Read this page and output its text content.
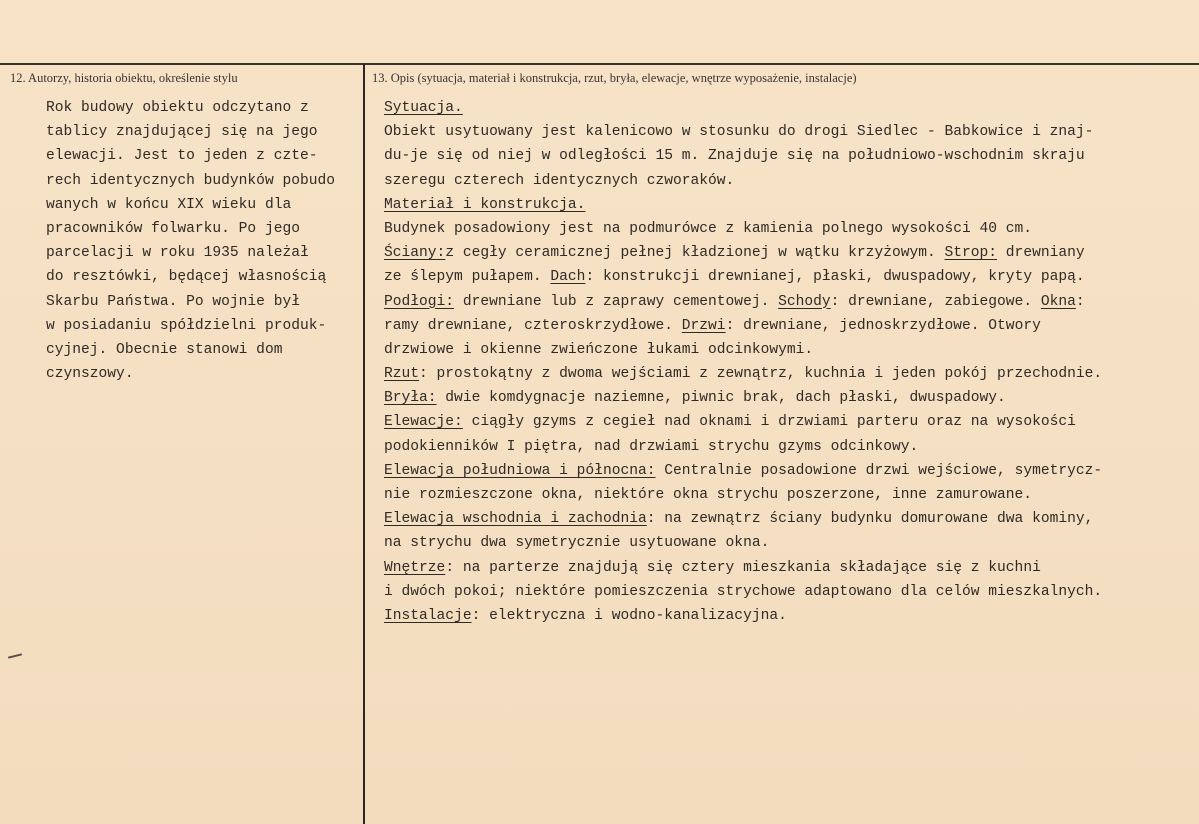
12. Autorzy, historia obiektu, określenie stylu	13. Opis (sytuacja, materiał i konstrukcja, rzut, bryła, elewacje, wnętrze wyposażenie, instalacje)
Rok budowy obiektu odczytano z
tablicy znajdującej się na jego
elewacji. Jest to jeden z czte-
rech identycznych budynków pobudo
wanych w końcu XIX wieku dla
pracowników folwarku. Po jego
parcelacji w roku 1935 należał
do resztówki, będącej własnością
Skarbu Państwa. Po wojnie był
w posiadaniu spółdzielni produk-
cyjnej. Obecnie stanowi dom
czynszowy.
Sytuacja.
Obiekt usytuowany jest kalenicowo w stosunku do drogi Siedlec - Babkowice i znaj-
du-je się od niej w odległości 15 m. Znajduje się na południowo-wschodnim skraju
szeregu czterech identycznych czworaków.
Materiał i konstrukcja.
Budynek posadowiony jest na podmurówce z kamienia polnego wysokości 40 cm.
Ściany:z cegły ceramicznej pełnej kładzionej w wątku krzyżowym. Strop: drewniany
ze ślepym pułapem. Dach: konstrukcji drewnianej, płaski, dwuspadowy, kryty papą.
Podłogi: drewniane lub z zaprawy cementowej. Schody: drewniane, zabiegowe. Okna:
ramy drewniane, czteroskrzydłowe. Drzwi: drewniane, jednoskrzydłowe. Otwory
drzwiowe i okienne zwieńczone łukami odcinkowymi.
Rzut: prostokątny z dwoma wejściami z zewnątrz, kuchnia i jeden pokój przechodnie.
Bryła: dwie komdygnacje naziemne, piwnic brak, dach płaski, dwuspadowy.
Elewacje: ciągły gzyms z cegieł nad oknami i drzwiami parteru oraz na wysokości
podokienników I piętra, nad drzwiami strychu gzyms odcinkowy.
Elewacja południowa i północna: Centralnie posadowione drzwi wejściowe, symetrycz-
nie rozmieszczone okna, niektóre okna strychu poszerzone, inne zamurowane.
Elewacja wschodnia i zachodnia: na zewnątrz ściany budynku domurowane dwa kominy,
na strychu dwa symetrycznie usytuowane okna.
Wnętrze: na parterze znajdują się cztery mieszkania składające się z kuchni
i dwóch pokoi; niektóre pomieszczenia strychowe adaptowano dla celów mieszkalnych.
Instalacje: elektryczna i wodno-kanalizacyjna.
